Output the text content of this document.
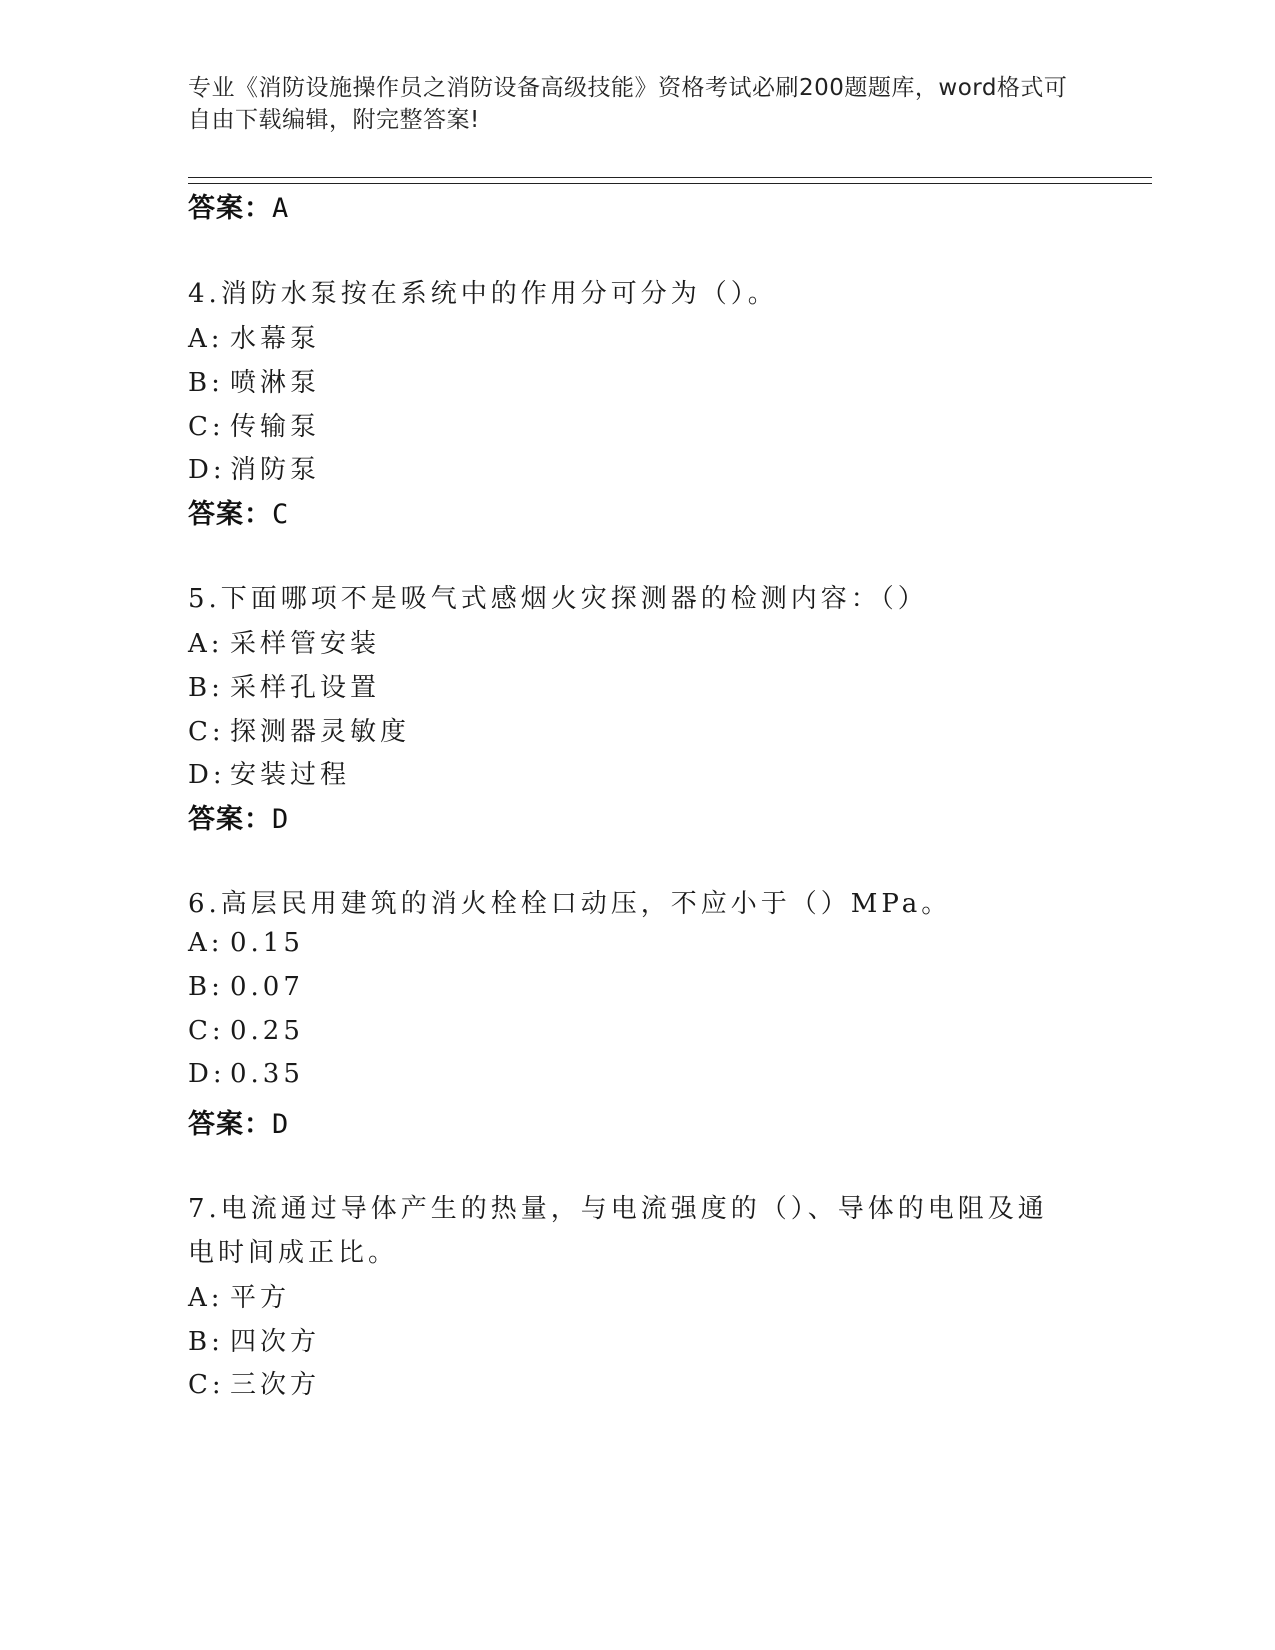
专业《消防设施操作员之消防设备高级技能》资格考试必刷200题题库，word格式可自由下载编辑，附完整答案!
答案：A
4.消防水泵按在系统中的作用分可分为（）。
A: 水幕泵
B: 喷淋泵
C: 传输泵
D: 消防泵
答案：C
5.下面哪项不是吸气式感烟火灾探测器的检测内容：（）
A: 采样管安装
B: 采样孔设置
C: 探测器灵敏度
D: 安装过程
答案：D
6.高层民用建筑的消火栓栓口动压，不应小于（）MPa。
A: 0.15
B: 0.07
C: 0.25
D: 0.35
答案：D
7.电流通过导体产生的热量，与电流强度的（）、导体的电阻及通电时间成正比。
A: 平方
B: 四次方
C: 三次方
